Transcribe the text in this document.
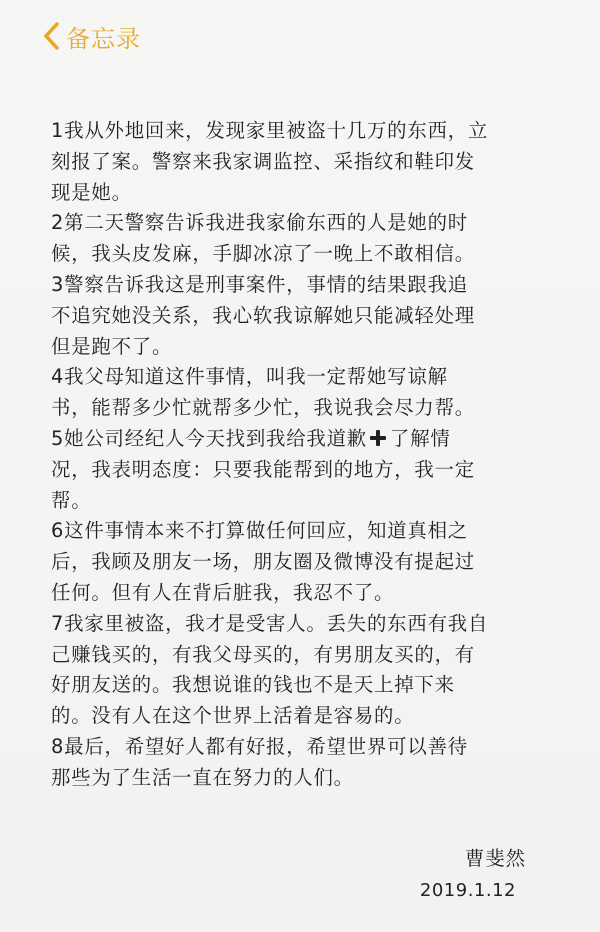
备忘录
1我从外地回来，发现家里被盗十几万的东西，立
刻报了案。警察来我家调监控、采指纹和鞋印发
现是她。
2第二天警察告诉我进我家偷东西的人是她的时
候，我头皮发麻，手脚冰凉了一晚上不敢相信。
3警察告诉我这是刑事案件，事情的结果跟我追
不追究她没关系，我心软我谅解她只能减轻处理
但是跑不了。
4我父母知道这件事情，叫我一定帮她写谅解
书，能帮多少忙就帮多少忙，我说我会尽力帮。
5她公司经纪人今天找到我给我道歉 了解情
况，我表明态度：只要我能帮到的地方，我一定
帮。
6这件事情本来不打算做任何回应，知道真相之
后，我顾及朋友一场，朋友圈及微博没有提起过
任何。但有人在背后脏我，我忍不了。
7我家里被盗，我才是受害人。丢失的东西有我自
己赚钱买的，有我父母买的，有男朋友买的，有
好朋友送的。我想说谁的钱也不是天上掉下来
的。没有人在这个世界上活着是容易的。
8最后，希望好人都有好报，希望世界可以善待
那些为了生活一直在努力的人们。
曹斐然
2019.1.12
